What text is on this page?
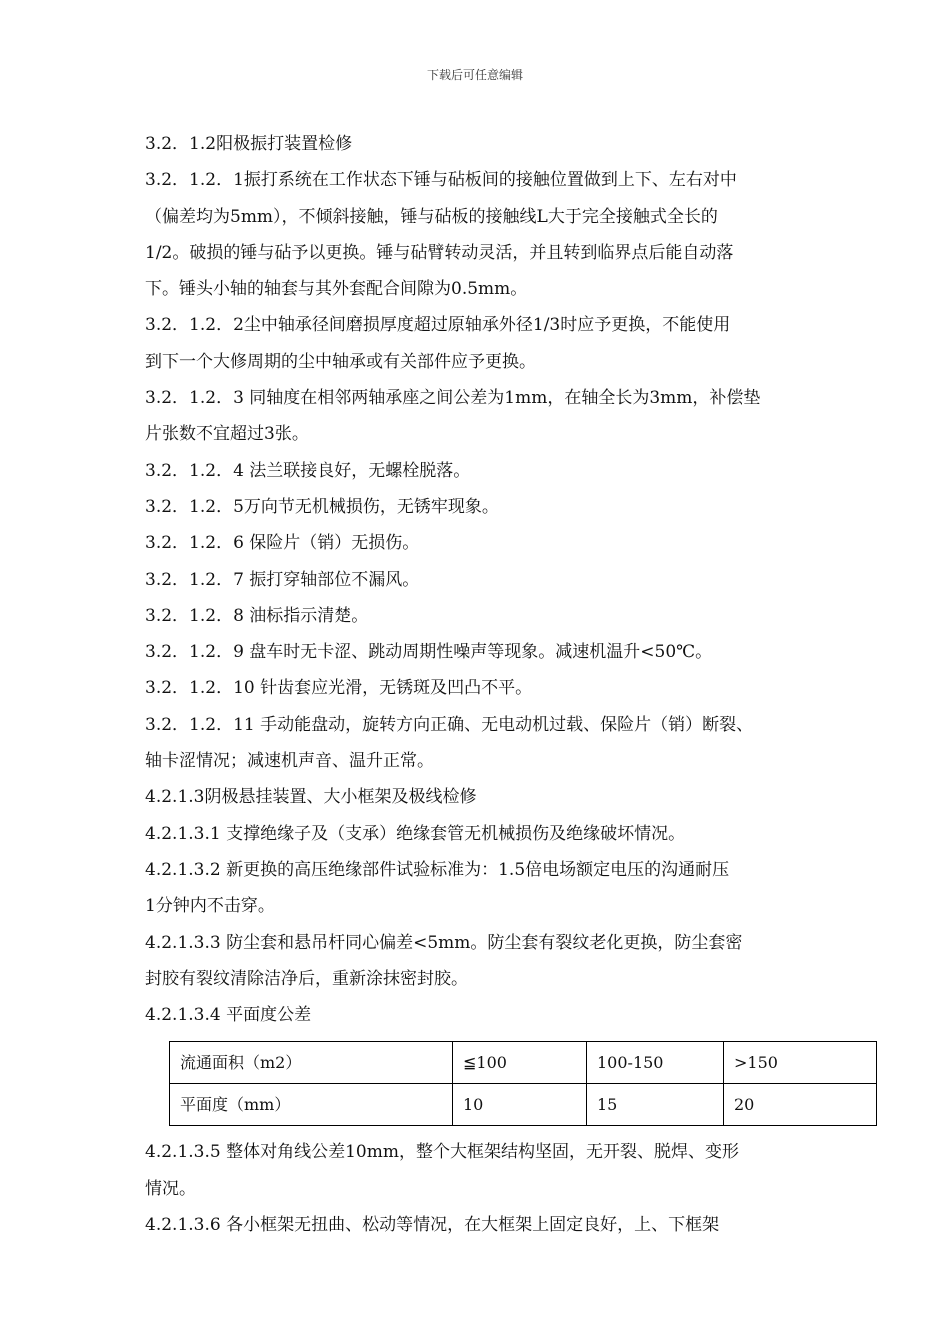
下载后可任意编辑

3.2．1.2阳极振打装置检修

3.2．1.2．1振打系统在工作状态下锤与砧板间的接触位置做到上下、左右对中

（偏差均为5mm），不倾斜接触，锤与砧板的接触线L大于完全接触式全长的

1/2。破损的锤与砧予以更换。锤与砧臂转动灵活，并且转到临界点后能自动落

下。锤头小轴的轴套与其外套配合间隙为0.5mm。

3.2．1.2．2尘中轴承径间磨损厚度超过原轴承外径1/3时应予更换，不能使用

到下一个大修周期的尘中轴承或有关部件应予更换。

3.2．1.2．3 同轴度在相邻两轴承座之间公差为1mm，在轴全长为3mm，补偿垫

片张数不宜超过3张。

3.2．1.2．4 法兰联接良好，无螺栓脱落。

3.2．1.2．5万向节无机械损伤，无锈牢现象。

3.2．1.2．6 保险片（销）无损伤。

3.2．1.2．7 振打穿轴部位不漏风。

3.2．1.2．8 油标指示清楚。

3.2．1.2．9 盘车时无卡涩、跳动周期性噪声等现象。减速机温升<50℃。

3.2．1.2．10 针齿套应光滑，无锈斑及凹凸不平。

3.2．1.2．11 手动能盘动，旋转方向正确、无电动机过载、保险片（销）断裂、

轴卡涩情况；减速机声音、温升正常。

4.2.1.3阴极悬挂装置、大小框架及极线检修

4.2.1.3.1 支撑绝缘子及（支承）绝缘套管无机械损伤及绝缘破坏情况。

4.2.1.3.2 新更换的高压绝缘部件试验标准为：1.5倍电场额定电压的沟通耐压

1分钟内不击穿。

4.2.1.3.3 防尘套和悬吊杆同心偏差<5mm。防尘套有裂纹老化更换，防尘套密

封胶有裂纹清除洁净后，重新涂抹密封胶。

4.2.1.3.4 平面度公差

流通面积（m2）	≦100	100-150	>150
平面度（mm）	10	15	20

4.2.1.3.5 整体对角线公差10mm，整个大框架结构坚固，无开裂、脱焊、变形

情况。

4.2.1.3.6 各小框架无扭曲、松动等情况，在大框架上固定良好，上、下框架
